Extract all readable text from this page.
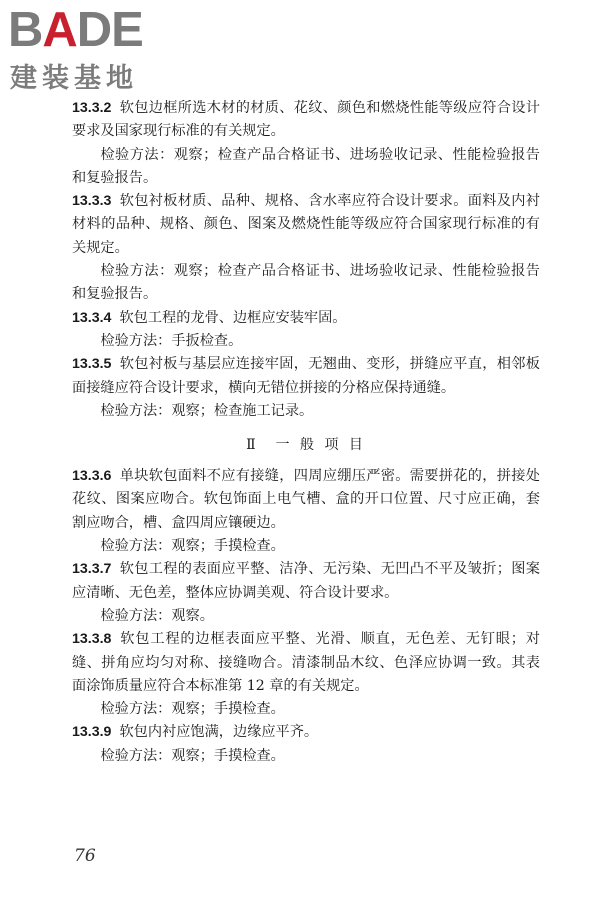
BADE
建装基地

13.3.2 软包边框所选木材的材质、花纹、颜色和燃烧性能等级应符合设计要求及国家现行标准的有关规定。

检验方法：观察；检查产品合格证书、进场验收记录、性能检验报告和复验报告。

13.3.3 软包衬板材质、品种、规格、含水率应符合设计要求。面料及内衬材料的品种、规格、颜色、图案及燃烧性能等级应符合国家现行标准的有关规定。

检验方法：观察；检查产品合格证书、进场验收记录、性能检验报告和复验报告。

13.3.4 软包工程的龙骨、边框应安装牢固。

检验方法：手扳检查。

13.3.5 软包衬板与基层应连接牢固，无翘曲、变形，拼缝应平直，相邻板面接缝应符合设计要求，横向无错位拼接的分格应保持通缝。

检验方法：观察；检查施工记录。

Ⅱ　一 般 项 目

13.3.6 单块软包面料不应有接缝，四周应绷压严密。需要拼花的，拼接处花纹、图案应吻合。软包饰面上电气槽、盒的开口位置、尺寸应正确，套割应吻合，槽、盒四周应镶硬边。

检验方法：观察；手摸检查。

13.3.7 软包工程的表面应平整、洁净、无污染、无凹凸不平及皱折；图案应清晰、无色差，整体应协调美观、符合设计要求。

检验方法：观察。

13.3.8 软包工程的边框表面应平整、光滑、顺直，无色差、无钉眼；对缝、拼角应均匀对称、接缝吻合。清漆制品木纹、色泽应协调一致。其表面涂饰质量应符合本标准第 12 章的有关规定。

检验方法：观察；手摸检查。

13.3.9 软包内衬应饱满，边缘应平齐。

检验方法：观察；手摸检查。

76
